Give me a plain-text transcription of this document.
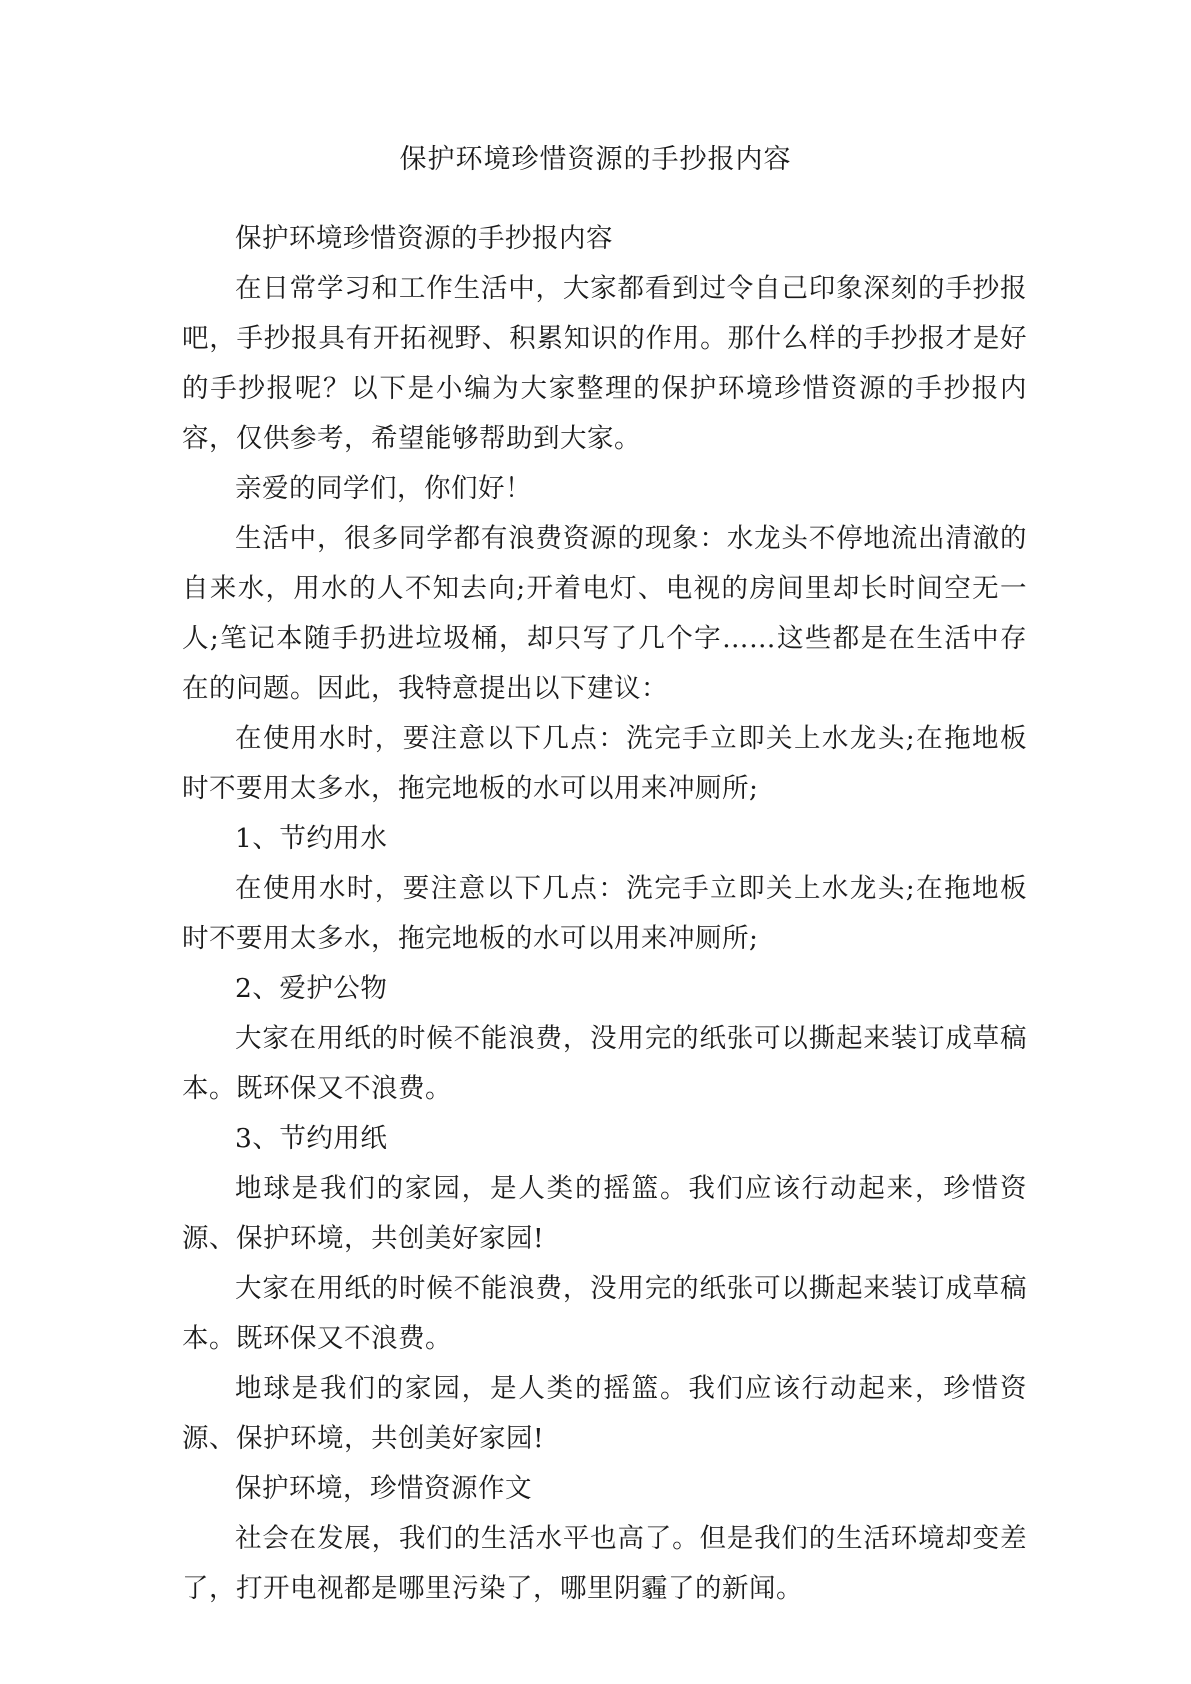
保护环境珍惜资源的手抄报内容

保护环境珍惜资源的手抄报内容

在日常学习和工作生活中，大家都看到过令自己印象深刻的手抄报吧，手抄报具有开拓视野、积累知识的作用。那什么样的手抄报才是好的手抄报呢？以下是小编为大家整理的保护环境珍惜资源的手抄报内容，仅供参考，希望能够帮助到大家。

亲爱的同学们，你们好！

生活中，很多同学都有浪费资源的现象：水龙头不停地流出清澈的自来水，用水的人不知去向;开着电灯、电视的房间里却长时间空无一人;笔记本随手扔进垃圾桶，却只写了几个字……这些都是在生活中存在的问题。因此，我特意提出以下建议：

在使用水时，要注意以下几点：洗完手立即关上水龙头;在拖地板时不要用太多水，拖完地板的水可以用来冲厕所;

1、节约用水

在使用水时，要注意以下几点：洗完手立即关上水龙头;在拖地板时不要用太多水，拖完地板的水可以用来冲厕所;

2、爱护公物

大家在用纸的时候不能浪费，没用完的纸张可以撕起来装订成草稿本。既环保又不浪费。

3、节约用纸

地球是我们的家园，是人类的摇篮。我们应该行动起来，珍惜资源、保护环境，共创美好家园!

大家在用纸的时候不能浪费，没用完的纸张可以撕起来装订成草稿本。既环保又不浪费。

地球是我们的家园，是人类的摇篮。我们应该行动起来，珍惜资源、保护环境，共创美好家园!

保护环境，珍惜资源作文

社会在发展，我们的生活水平也高了。但是我们的生活环境却变差了，打开电视都是哪里污染了，哪里阴霾了的新闻。
